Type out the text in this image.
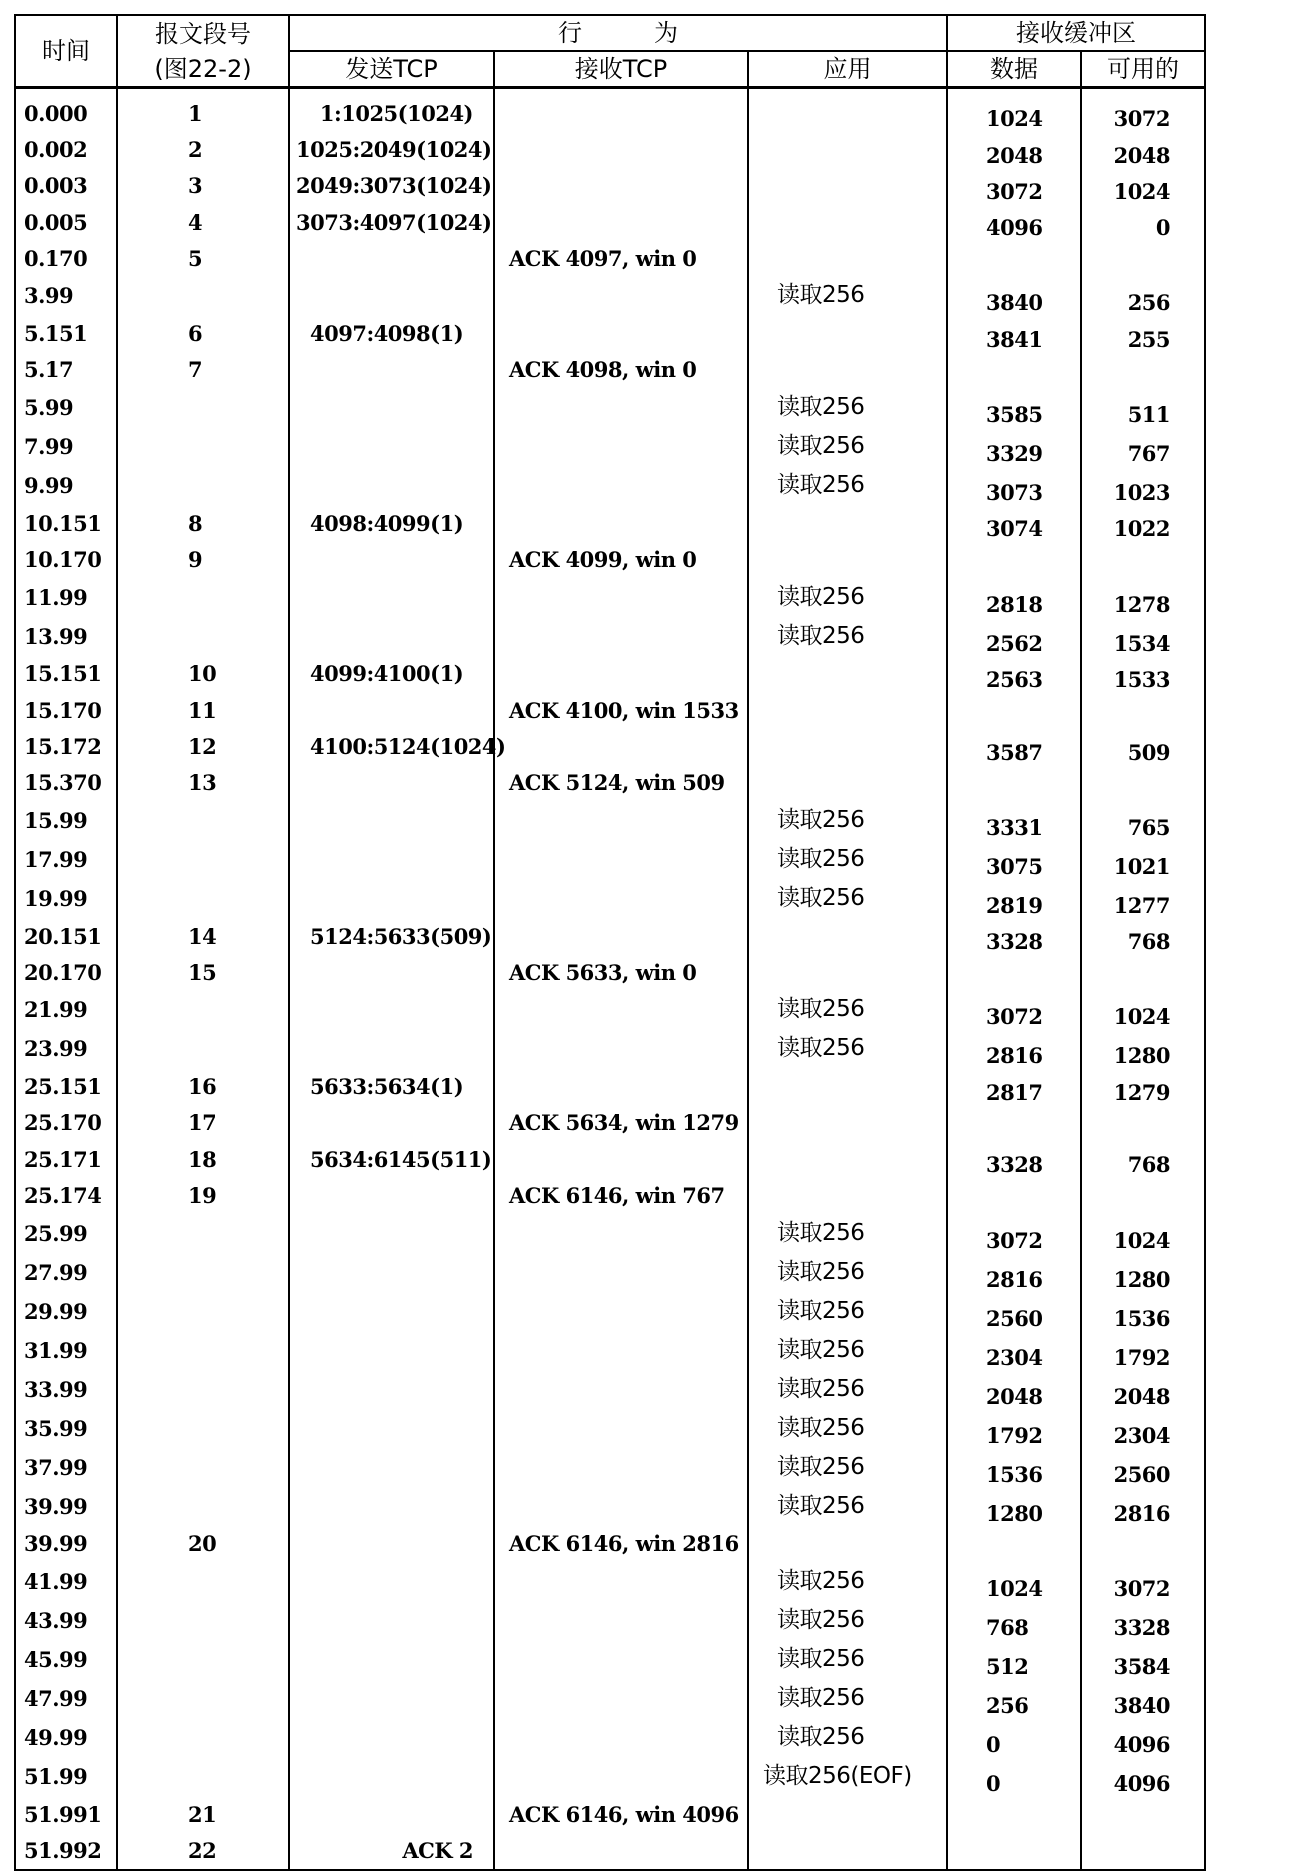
时间	报文段号	行　　　为			接收缓冲区	
	(图22-2)	发送TCP	接收TCP	应用	数据	可用的

0.000	1	1:1025(1024)			1024	3072
0.002	2	1025:2049(1024)			2048	2048
0.003	3	2049:3073(1024)			3072	1024
0.005	4	3073:4097(1024)			4096	0
0.170	5		ACK 4097, win 0			
3.99				读取256	3840	256
5.151	6	4097:4098(1)			3841	255
5.17	7		ACK 4098, win 0			
5.99				读取256	3585	511
7.99				读取256	3329	767
9.99				读取256	3073	1023
10.151	8	4098:4099(1)			3074	1022
10.170	9		ACK 4099, win 0			
11.99				读取256	2818	1278
13.99				读取256	2562	1534
15.151	10	4099:4100(1)			2563	1533
15.170	11		ACK 4100, win 1533			
15.172	12	4100:5124(1024)			3587	509
15.370	13		ACK 5124, win 509			
15.99				读取256	3331	765
17.99				读取256	3075	1021
19.99				读取256	2819	1277
20.151	14	5124:5633(509)			3328	768
20.170	15		ACK 5633, win 0			
21.99				读取256	3072	1024
23.99				读取256	2816	1280
25.151	16	5633:5634(1)			2817	1279
25.170	17		ACK 5634, win 1279			
25.171	18	5634:6145(511)			3328	768
25.174	19		ACK 6146, win 767			
25.99				读取256	3072	1024
27.99				读取256	2816	1280
29.99				读取256	2560	1536
31.99				读取256	2304	1792
33.99				读取256	2048	2048
35.99				读取256	1792	2304
37.99				读取256	1536	2560
39.99				读取256	1280	2816
39.99	20		ACK 6146, win 2816			
41.99				读取256	1024	3072
43.99				读取256	768	3328
45.99				读取256	512	3584
47.99				读取256	256	3840
49.99				读取256	0	4096
51.99				读取256(EOF)	0	4096
51.991	21		ACK 6146, win 4096			
51.992	22	ACK 2				
